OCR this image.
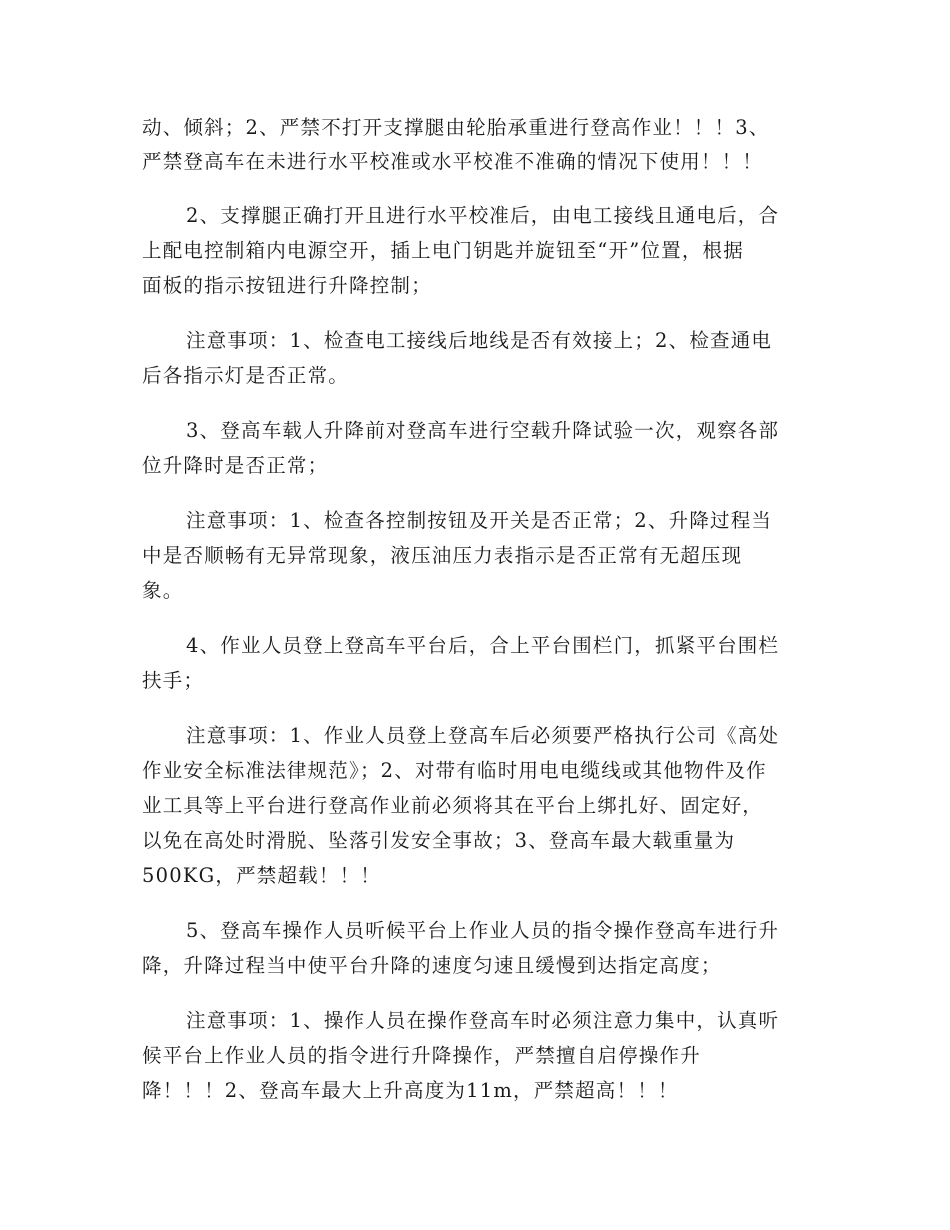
动、倾斜；2、严禁不打开支撑腿由轮胎承重进行登高作业！！！3、
严禁登高车在未进行水平校准或水平校准不准确的情况下使用！！！
2、支撑腿正确打开且进行水平校准后，由电工接线且通电后，合
上配电控制箱内电源空开，插上电门钥匙并旋钮至“开”位置，根据
面板的指示按钮进行升降控制；
注意事项：1、检查电工接线后地线是否有效接上；2、检查通电
后各指示灯是否正常。
3、登高车载人升降前对登高车进行空载升降试验一次，观察各部
位升降时是否正常；
注意事项：1、检查各控制按钮及开关是否正常；2、升降过程当
中是否顺畅有无异常现象，液压油压力表指示是否正常有无超压现
象。
4、作业人员登上登高车平台后，合上平台围栏门，抓紧平台围栏
扶手；
注意事项：1、作业人员登上登高车后必须要严格执行公司《高处
作业安全标准法律规范》；2、对带有临时用电电缆线或其他物件及作
业工具等上平台进行登高作业前必须将其在平台上绑扎好、固定好，
以免在高处时滑脱、坠落引发安全事故；3、登高车最大载重量为
500KG，严禁超载！！！
5、登高车操作人员听候平台上作业人员的指令操作登高车进行升
降，升降过程当中使平台升降的速度匀速且缓慢到达指定高度；
注意事项：1、操作人员在操作登高车时必须注意力集中，认真听
候平台上作业人员的指令进行升降操作，严禁擅自启停操作升
降！！！2、登高车最大上升高度为11m，严禁超高！！！
